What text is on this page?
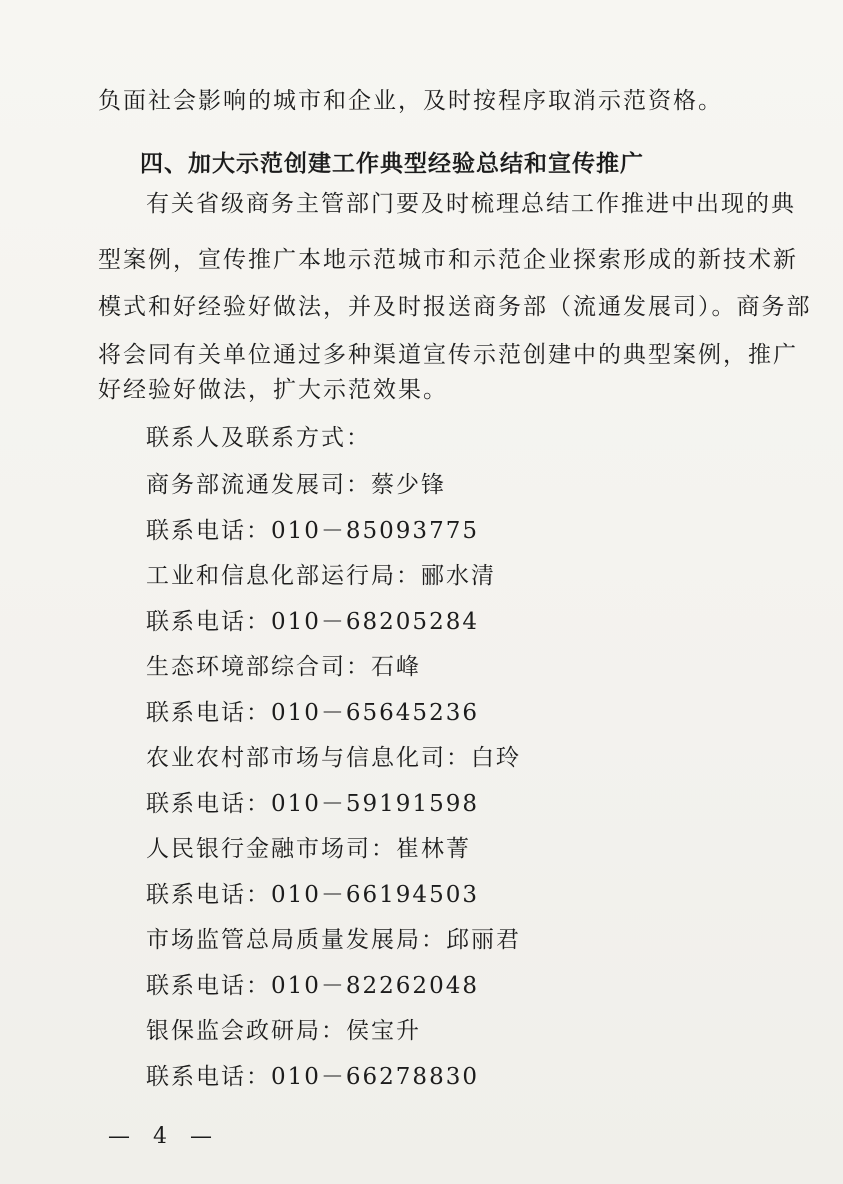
负面社会影响的城市和企业，及时按程序取消示范资格。
四、加大示范创建工作典型经验总结和宣传推广
有关省级商务主管部门要及时梳理总结工作推进中出现的典
型案例，宣传推广本地示范城市和示范企业探索形成的新技术新
模式和好经验好做法，并及时报送商务部（流通发展司）。商务部
将会同有关单位通过多种渠道宣传示范创建中的典型案例，推广
好经验好做法，扩大示范效果。
联系人及联系方式：
商务部流通发展司：蔡少锋
联系电话：010－85093775
工业和信息化部运行局：郦水清
联系电话：010－68205284
生态环境部综合司：石峰
联系电话：010－65645236
农业农村部市场与信息化司：白玲
联系电话：010－59191598
人民银行金融市场司：崔林菁
联系电话：010－66194503
市场监管总局质量发展局：邱丽君
联系电话：010－82262048
银保监会政研局：侯宝升
联系电话：010－66278830
— 4 —
